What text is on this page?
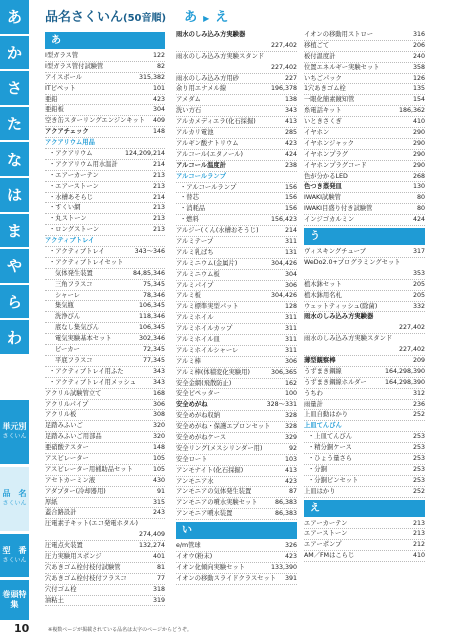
あ
か
さ
た
な
は
ま
や
ら
わ
単元別
さくいん
品　名
さくいん
型　番
さくいん
巻頭特集
品名さくいん(50音順) あ ▶ え
あ
I型ガラス管	122
I型ガラス管付試験管	82
アイスボール	315,382
ITピペット	101
亜鉛	423
亜鉛板	304
空き缶スターリングエンジンキット 409
アクアチェック	148
アクアリウム用品
・アクアリウム	124,209,214
・アクアリウム用水温計	214
・エアーカーテン	213
・エアーストーン	213
・水槽あそらじ	214
・すくい網	213
・丸ストーン	213
・ロングストーン	213
アクティブトレイ
・アクティブトレイ	343〜346
・アクティブトレイセット
気体発生装置	84,85,346
三角フラスコ	75,345
シャーレ	78,346
集気瓶	106,345
洗浄びん	118,346
底なし集気びん	106,345
電気実験基本セット	302,346
ビーカー	72,345
平底フラスコ	77,345
・アクティブトレイ用ふた	343
・アクティブトレイ用メッシュ	343
アクリル試験管立て	168
アクリルパイプ	306
アクリル板	308
足踏みふいご	320
足踏みふいご用部品	320
亜硝酸テスター	148
アスピレーター	105
アスピレーター用補助品セット	105
アセトカーミン液	430
アダプター(冷却器用)	91
厚紙	315
蓋合路設計	243
圧電素子キット(エコ発電ホタル)
274,409
圧電点火装置	132,274
圧力実験用スポンジ	401
穴あきゴム栓付枝付試験管	81
穴あきゴム栓付枝付フラスコ	77
穴付ゴム栓	318
油粘土	319
雨水のしみ込み方実験器
227,402
雨水のしみ込み方実験スタンド
227,402
雨水のしみ込み方用砂	227
余り用エナメル線	196,378
アメダム	138
洗い方石	343
アルカメディエラ(化石採掘)	413
アルカリ電池	285
アルギン酸ナトリウム	423
アルコール(エタノール)	424
アルコール温度計	238
アルコールランプ
・アルコールランプ	156
・替芯	156
・消耗品	156
・燃料	156,423
アルジー(くん(水槽おそうじ)	214
アルミテープ	311
アルミ乳ばち	131
アルミニウム(金属片)	304,426
アルミニウム板	304
アルミパイプ	306
アルミ板	304,426
アルミ標準実型パット	128
アルミホイル	311
アルミホイルカップ	311
アルミホイル皿	311
アルミホイルシャーレ	311
アルミ棒	306
アルミ棒(体積変化実験用)	306,365
安全金網(飛散防止)	162
安全ピペッター	100
安全めがね	328〜331
安全めがね収納	328
安全めがね・保護エプロンセット 328
安全めがねケース	329
安全リング(メスシリンダー用)	92
安全ロート	103
アンモナイト(化石採掘)	413
アンモニア水	423
アンモニアの気体発生装置	87
アンモニアの噴水実験セット	86,383
アンモニア噴水装置	86,383
い
e/m管球	326
イオウ(粉末)	423
イオン化傾向実験セット	133,390
イオンの移動スライドクラスセット 391
イオンの移動用ストロー	316
移植ごて	206
板付温度計	240
位置エネルギー実験セット	358
いちごパック	126
1穴あきゴム栓	135
一眼化簡素鏡知管	154
糸電話キット	186,362
いときさくぎ	410
イヤホン	290
イヤホンジャック	290
イヤホンプラグ	290
イヤホンプラグコード	290
色が分かるLED	268
色つき蒸発皿	130
IWAKI試験管	80
IWAKI目盛り付き試験管	80
インジゴカルミン	424
う
ヴィスキングチューブ	317
WeDo2.0+プログラミングセット
353
植木鉢セット	205
植木鉢用名札	205
ウェットティッシュ(除菌)	332
雨水のしみ込み方実験器
227,402
雨水のしみ込み方実験スタンド
227,402
薄型観察棒	209
うずまき鋼線	164,298,390
うずまき鋼線ホルダー	164,298,390
うちわ	312
雨量計	236
上皿自動はかり	252
上皿てんびん
・上皿てんびん	253
・精分銅ケース	253
・ひょう量さら	253
・分銅	253
・分銅ピンセット	253
上皿はかり	252
え
エアーカーテン	213
エアーストーン	213
エアーポンプ	212
AM／FMはこらじ	410
10	※複数ページが掲載されている品名は太字のページからどうぞ。
